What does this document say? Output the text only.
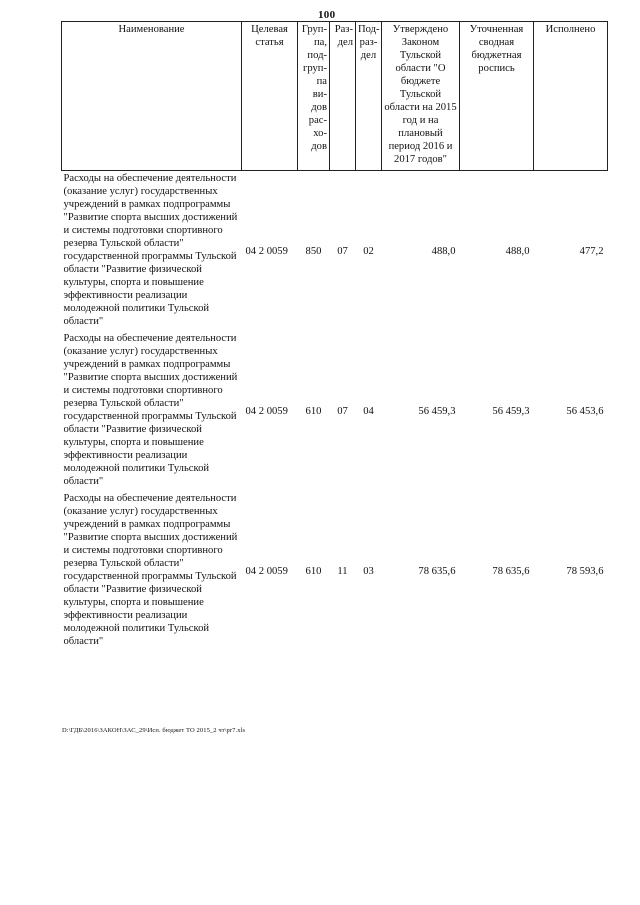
100
Наименование	Целевая статья	Груп- па, под- груп- па ви- дов рас- хо- дов	Раз- дел	Под- раз- дел	Утверждено Законом Тульской области "О бюджете Тульской области на 2015 год и на плановый период 2016 и 2017 годов"	Уточненная сводная бюджетная роспись	Исполнено
Расходы на обеспечение деятельности (оказание услуг) государственных учреждений в рамках подпрограммы "Развитие спорта высших достижений и системы подготовки спортивного резерва Тульской области" государственной программы Тульской области "Развитие физической культуры, спорта и повышение эффективности реализации молодежной политики Тульской области"	04 2 0059	850	07	02	488,0	488,0	477,2
Расходы на обеспечение деятельности (оказание услуг) государственных учреждений в рамках подпрограммы "Развитие спорта высших достижений и системы подготовки спортивного резерва Тульской области" государственной программы Тульской области "Развитие физической культуры, спорта и повышение эффективности реализации молодежной политики Тульской области"	04 2 0059	610	07	04	56 459,3	56 459,3	56 453,6
Расходы на обеспечение деятельности (оказание услуг) государственных учреждений в рамках подпрограммы "Развитие спорта высших достижений и системы подготовки спортивного резерва Тульской области" государственной программы Тульской области "Развитие физической культуры, спорта и повышение эффективности реализации молодежной политики Тульской области"	04 2 0059	610	11	03	78 635,6	78 635,6	78 593,6
D:\ГДБ\2016\ЗАКОН\ЗАС_29\Исп. бюджет ТО 2015_2 чт\pr7.xls
